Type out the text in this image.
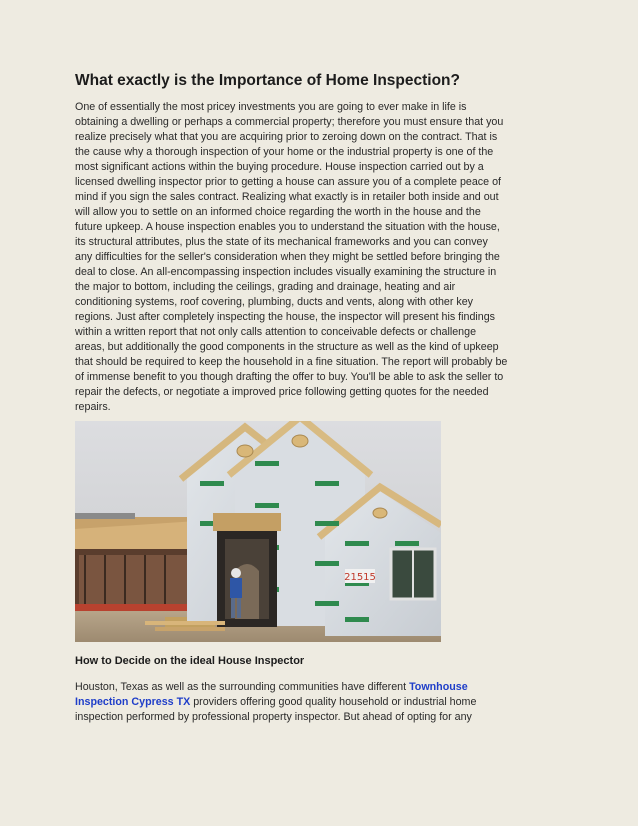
What exactly is the Importance of Home Inspection?

One of essentially the most pricey investments you are going to ever make in life is
obtaining a dwelling or perhaps a commercial property; therefore you must ensure that you
realize precisely what that you are acquiring prior to zeroing down on the contract. That is
the cause why a thorough inspection of your home or the industrial property is one of the
most significant actions within the buying procedure. House inspection carried out by a
licensed dwelling inspector prior to getting a house can assure you of a complete peace of
mind if you sign the sales contract. Realizing what exactly is in retailer both inside and out
will allow you to settle on an informed choice regarding the worth in the house and the
future upkeep. A house inspection enables you to understand the situation with the house,
its structural attributes, plus the state of its mechanical frameworks and you can convey
any difficulties for the seller's consideration when they might be settled before bringing the
deal to close. An all-encompassing inspection includes visually examining the structure in
the major to bottom, including the ceilings, grading and drainage, heating and air
conditioning systems, roof covering, plumbing, ducts and vents, along with other key
regions. Just after completely inspecting the house, the inspector will present his findings
within a written report that not only calls attention to conceivable defects or challenge
areas, but additionally the good components in the structure as well as the kind of upkeep
that should be required to keep the household in a fine situation. The report will probably be
of immense benefit to you though drafting the offer to buy. You'll be able to ask the seller to
repair the defects, or negotiate a improved price following getting quotes for the needed
repairs.

21515
How to Decide on the ideal House Inspector

Houston, Texas as well as the surrounding communities have different Townhouse
Inspection Cypress TX providers offering good quality household or industrial home
inspection performed by professional property inspector. But ahead of opting for any
